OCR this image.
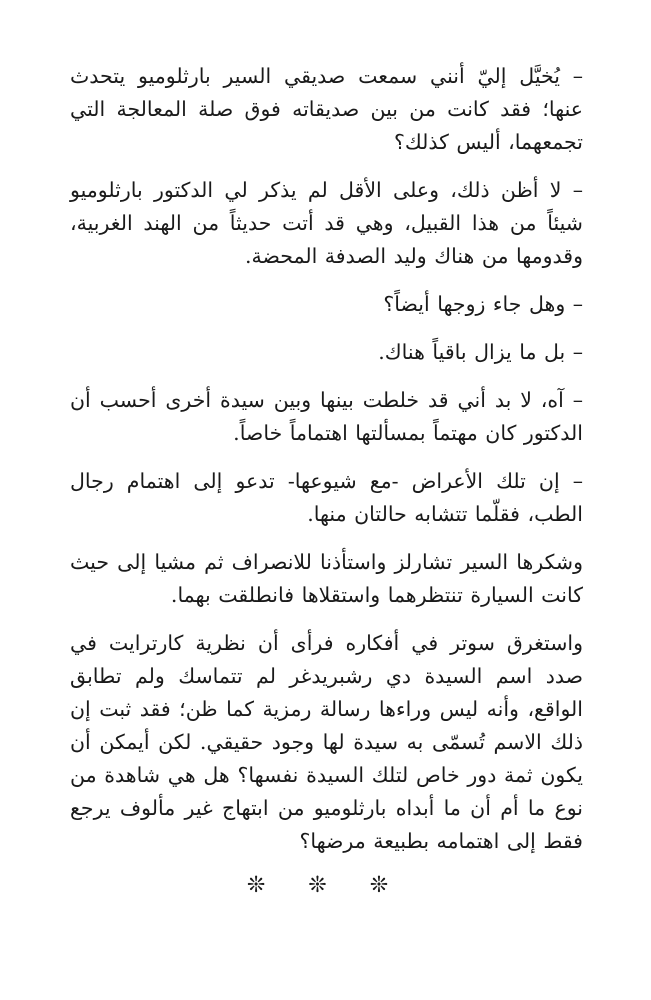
– يُخيَّل إليّ أنني سمعت صديقي السير بارثلوميو يتحدث عنها؛ فقد كانت من بين صديقاته فوق صلة المعالجة التي تجمعهما، أليس كذلك؟

– لا أظن ذلك، وعلى الأقل لم يذكر لي الدكتور بارثلوميو شيئاً من هذا القبيل، وهي قد أتت حديثاً من الهند الغربية، وقدومها من هناك وليد الصدفة المحضة.

– وهل جاء زوجها أيضاً؟

– بل ما يزال باقياً هناك.

– آه، لا بد أني قد خلطت بينها وبين سيدة أخرى أحسب أن الدكتور كان مهتماً بمسألتها اهتماماً خاصاً.

– إن تلك الأعراض -مع شيوعها- تدعو إلى اهتمام رجال الطب، فقلّما تتشابه حالتان منها.

وشكرها السير تشارلز واستأذنا للانصراف ثم مشيا إلى حيث كانت السيارة تنتظرهما واستقلاها فانطلقت بهما.

واستغرق سوتر في أفكاره فرأى أن نظرية كارترايت في صدد اسم السيدة دي رشبريدغر لم تتماسك ولم تطابق الواقع، وأنه ليس وراءها رسالة رمزية كما ظن؛ فقد ثبت إن ذلك الاسم تُسمّى به سيدة لها وجود حقيقي. لكن أيمكن أن يكون ثمة دور خاص لتلك السيدة نفسها؟ هل هي شاهدة من نوع ما أم أن ما أبداه بارثلوميو من ابتهاج غير مألوف يرجع فقط إلى اهتمامه بطبيعة مرضها؟

❊ ❊ ❊
